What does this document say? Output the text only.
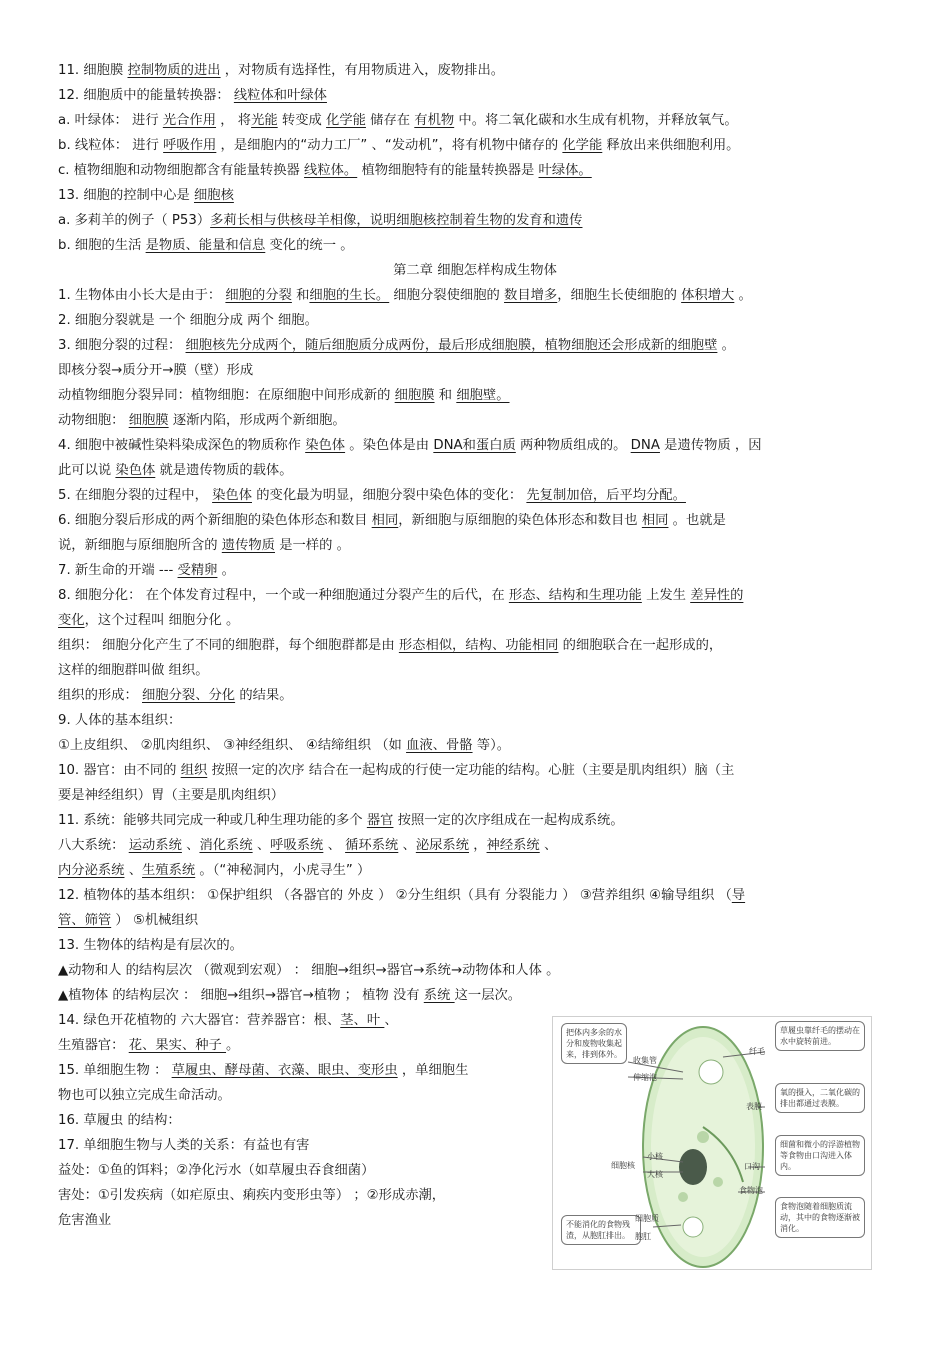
11. 细胞膜 控制物质的进出 ，对物质有选择性，有用物质进入，废物排出。
12. 细胞质中的能量转换器： 线粒体和叶绿体
a. 叶绿体： 进行 光合作用 ， 将光能 转变成 化学能 储存在 有机物 中。将二氧化碳和水生成有机物，并释放氧气。
b. 线粒体： 进行 呼吸作用 ，是细胞内的“动力工厂” 、“发动机”，将有机物中储存的 化学能 释放出来供细胞利用。
c. 植物细胞和动物细胞都含有能量转换器 线粒体。 植物细胞特有的能量转换器是 叶绿体。
13. 细胞的控制中心是 细胞核
a. 多莉羊的例子（ P53）多莉长相与供核母羊相像，说明细胞核控制着生物的发育和遗传
b. 细胞的生活 是物质、能量和信息 变化的统一 。
第二章 细胞怎样构成生物体
1. 生物体由小长大是由于： 细胞的分裂 和细胞的生长。 细胞分裂使细胞的 数目增多，细胞生长使细胞的 体积增大 。
2. 细胞分裂就是 一个 细胞分成 两个 细胞。
3. 细胞分裂的过程： 细胞核先分成两个，随后细胞质分成两份，最后形成细胞膜，植物细胞还会形成新的细胞壁 。
即核分裂→质分开→膜（壁）形成
动植物细胞分裂异同：植物细胞：在原细胞中间形成新的 细胞膜 和 细胞壁。
动物细胞： 细胞膜 逐渐内陷，形成两个新细胞。
4. 细胞中被碱性染料染成深色的物质称作 染色体 。染色体是由 DNA和蛋白质 两种物质组成的。 DNA 是遗传物质 ，因
此可以说 染色体 就是遗传物质的载体。
5. 在细胞分裂的过程中， 染色体 的变化最为明显，细胞分裂中染色体的变化： 先复制加倍，后平均分配。
6. 细胞分裂后形成的两个新细胞的染色体形态和数目 相同，新细胞与原细胞的染色体形态和数目也 相同 。也就是
说，新细胞与原细胞所含的 遗传物质 是一样的 。
7. 新生命的开端 --- 受精卵 。
8. 细胞分化： 在个体发育过程中，一个或一种细胞通过分裂产生的后代，在 形态、结构和生理功能 上发生 差异性的
变化，这个过程叫 细胞分化 。
组织： 细胞分化产生了不同的细胞群，每个细胞群都是由 形态相似，结构、功能相同 的细胞联合在一起形成的，
这样的细胞群叫做 组织。
组织的形成： 细胞分裂、分化 的结果。
9. 人体的基本组织：
①上皮组织、 ②肌肉组织、 ③神经组织、 ④结缔组织 （如 血液、骨骼 等）。
10. 器官：由不同的 组织 按照一定的次序 结合在一起构成的行使一定功能的结构。心脏（主要是肌肉组织）脑（主
要是神经组织）胃（主要是肌肉组织）
11. 系统：能够共同完成一种或几种生理功能的多个 器官 按照一定的次序组成在一起构成系统。
八大系统： 运动系统 、消化系统 、呼吸系统 、 循环系统 、泌尿系统 ，神经系统 、
内分泌系统 、生殖系统 。（“神秘洞内，小虎寻生” ）
12. 植物体的基本组织： ①保护组织 （各器官的 外皮 ） ②分生组织（具有 分裂能力 ） ③营养组织 ④输导组织 （导
管、筛管 ） ⑤机械组织
13. 生物体的结构是有层次的。
▲动物和人 的结构层次 （微观到宏观） ： 细胞→组织→器官→系统→动物体和人体 。
▲植物体 的结构层次 ： 细胞→组织→器官→植物 ； 植物 没有 系统 这一层次。
14. 绿色开花植物的 六大器官：营养器官：根、茎、叶 、
生殖器官： 花、果实、种子 。
15. 单细胞生物 ： 草履虫、酵母菌、衣藻、眼虫、变形虫 ，单细胞生
物也可以独立完成生命活动。
16. 草履虫 的结构：
17. 单细胞生物与人类的关系：有益也有害
益处：①鱼的饵料；②净化污水（如草履虫吞食细菌）
害处：①引发疾病（如疟原虫、痢疾内变形虫等） ；②形成赤潮，
危害渔业
把体内多余的水分和废物收集起来，排到体外。
草履虫靠纤毛的摆动在水中旋转前进。
氧的摄入，二氧化碳的排出都通过表膜。
细菌和微小的浮游植物等食物由口沟进入体内。
食物泡随着细胞质流动，其中的食物逐渐被消化。
不能消化的食物残渣，从胞肛排出。
收集管
伸缩泡
纤毛
表膜
口沟
小核
大核
细胞核
食物泡
细胞质
胞肛
